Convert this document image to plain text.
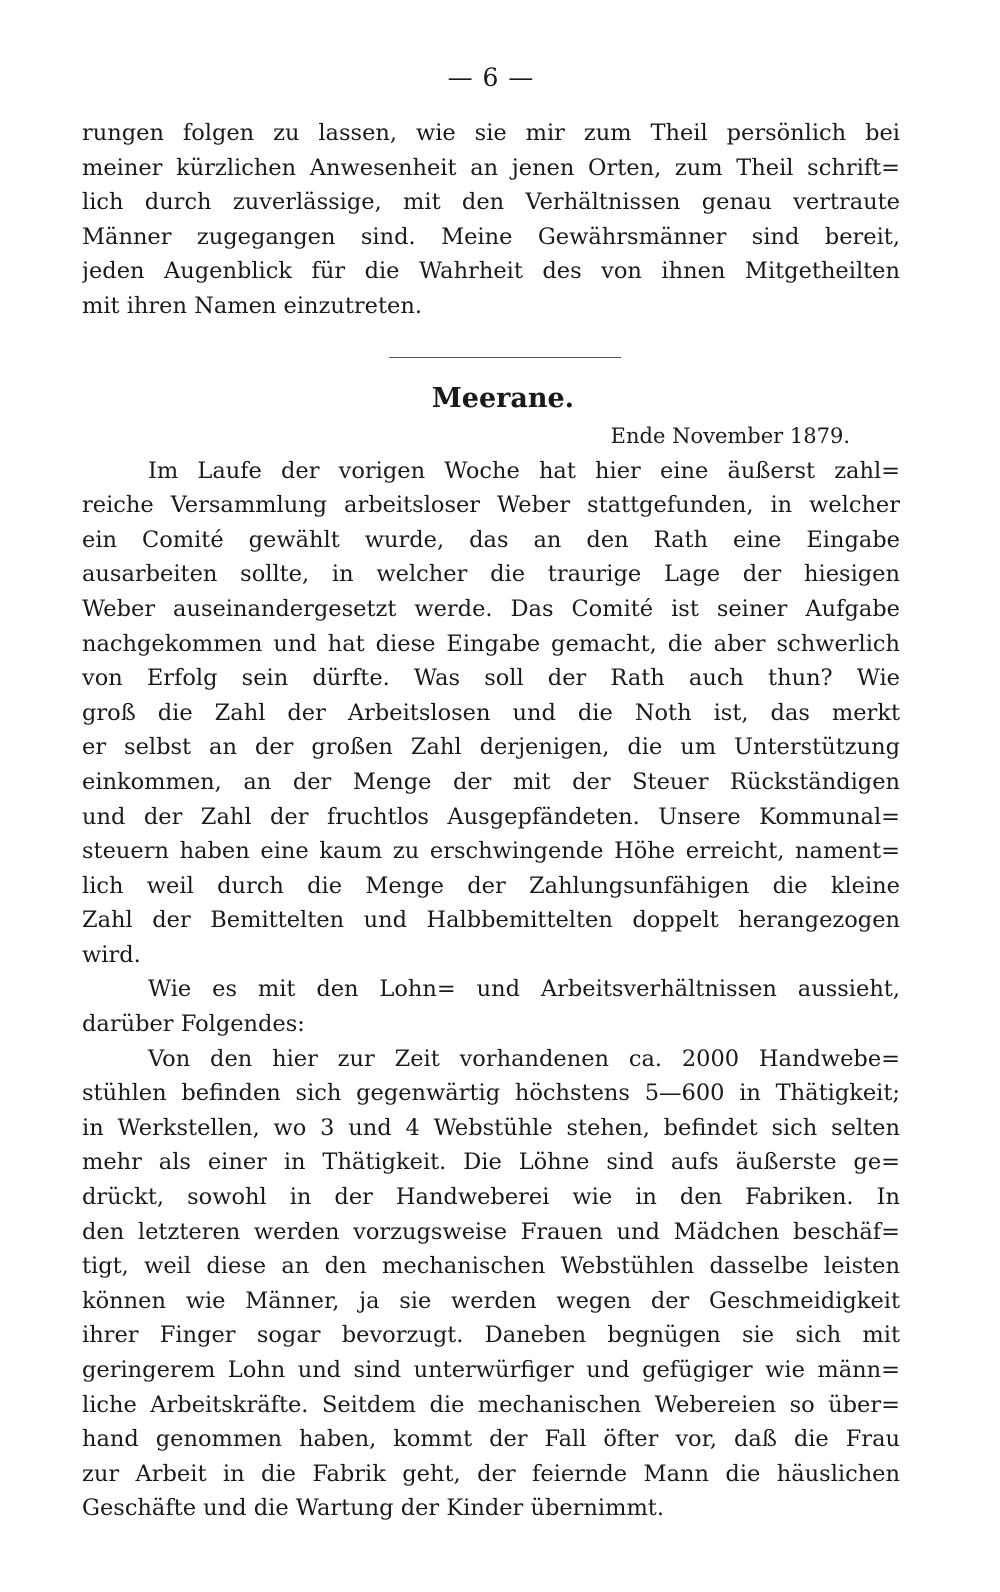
— 6 —
rungen folgen zu lassen, wie sie mir zum Theil persönlich bei
meiner kürzlichen Anwesenheit an jenen Orten, zum Theil schrift=
lich durch zuverlässige, mit den Verhältnissen genau vertraute
Männer zugegangen sind. Meine Gewährsmänner sind bereit,
jeden Augenblick für die Wahrheit des von ihnen Mitgetheilten
mit ihren Namen einzutreten.
Meerane.
Ende November 1879.
Im Laufe der vorigen Woche hat hier eine äußerst zahl=
reiche Versammlung arbeitsloser Weber stattgefunden, in welcher
ein Comité gewählt wurde, das an den Rath eine Eingabe
ausarbeiten sollte, in welcher die traurige Lage der hiesigen
Weber auseinandergesetzt werde. Das Comité ist seiner Aufgabe
nachgekommen und hat diese Eingabe gemacht, die aber schwerlich
von Erfolg sein dürfte. Was soll der Rath auch thun? Wie
groß die Zahl der Arbeitslosen und die Noth ist, das merkt
er selbst an der großen Zahl derjenigen, die um Unterstützung
einkommen, an der Menge der mit der Steuer Rückständigen
und der Zahl der fruchtlos Ausgepfändeten. Unsere Kommunal=
steuern haben eine kaum zu erschwingende Höhe erreicht, nament=
lich weil durch die Menge der Zahlungsunfähigen die kleine
Zahl der Bemittelten und Halbbemittelten doppelt herangezogen
wird.
Wie es mit den Lohn= und Arbeitsverhältnissen aussieht,
darüber Folgendes:
Von den hier zur Zeit vorhandenen ca. 2000 Handwebe=
stühlen befinden sich gegenwärtig höchstens 5—600 in Thätigkeit;
in Werkstellen, wo 3 und 4 Webstühle stehen, befindet sich selten
mehr als einer in Thätigkeit. Die Löhne sind aufs äußerste ge=
drückt, sowohl in der Handweberei wie in den Fabriken. In
den letzteren werden vorzugsweise Frauen und Mädchen beschäf=
tigt, weil diese an den mechanischen Webstühlen dasselbe leisten
können wie Männer, ja sie werden wegen der Geschmeidigkeit
ihrer Finger sogar bevorzugt. Daneben begnügen sie sich mit
geringerem Lohn und sind unterwürfiger und gefügiger wie männ=
liche Arbeitskräfte. Seitdem die mechanischen Webereien so über=
hand genommen haben, kommt der Fall öfter vor, daß die Frau
zur Arbeit in die Fabrik geht, der feiernde Mann die häuslichen
Geschäfte und die Wartung der Kinder übernimmt.
